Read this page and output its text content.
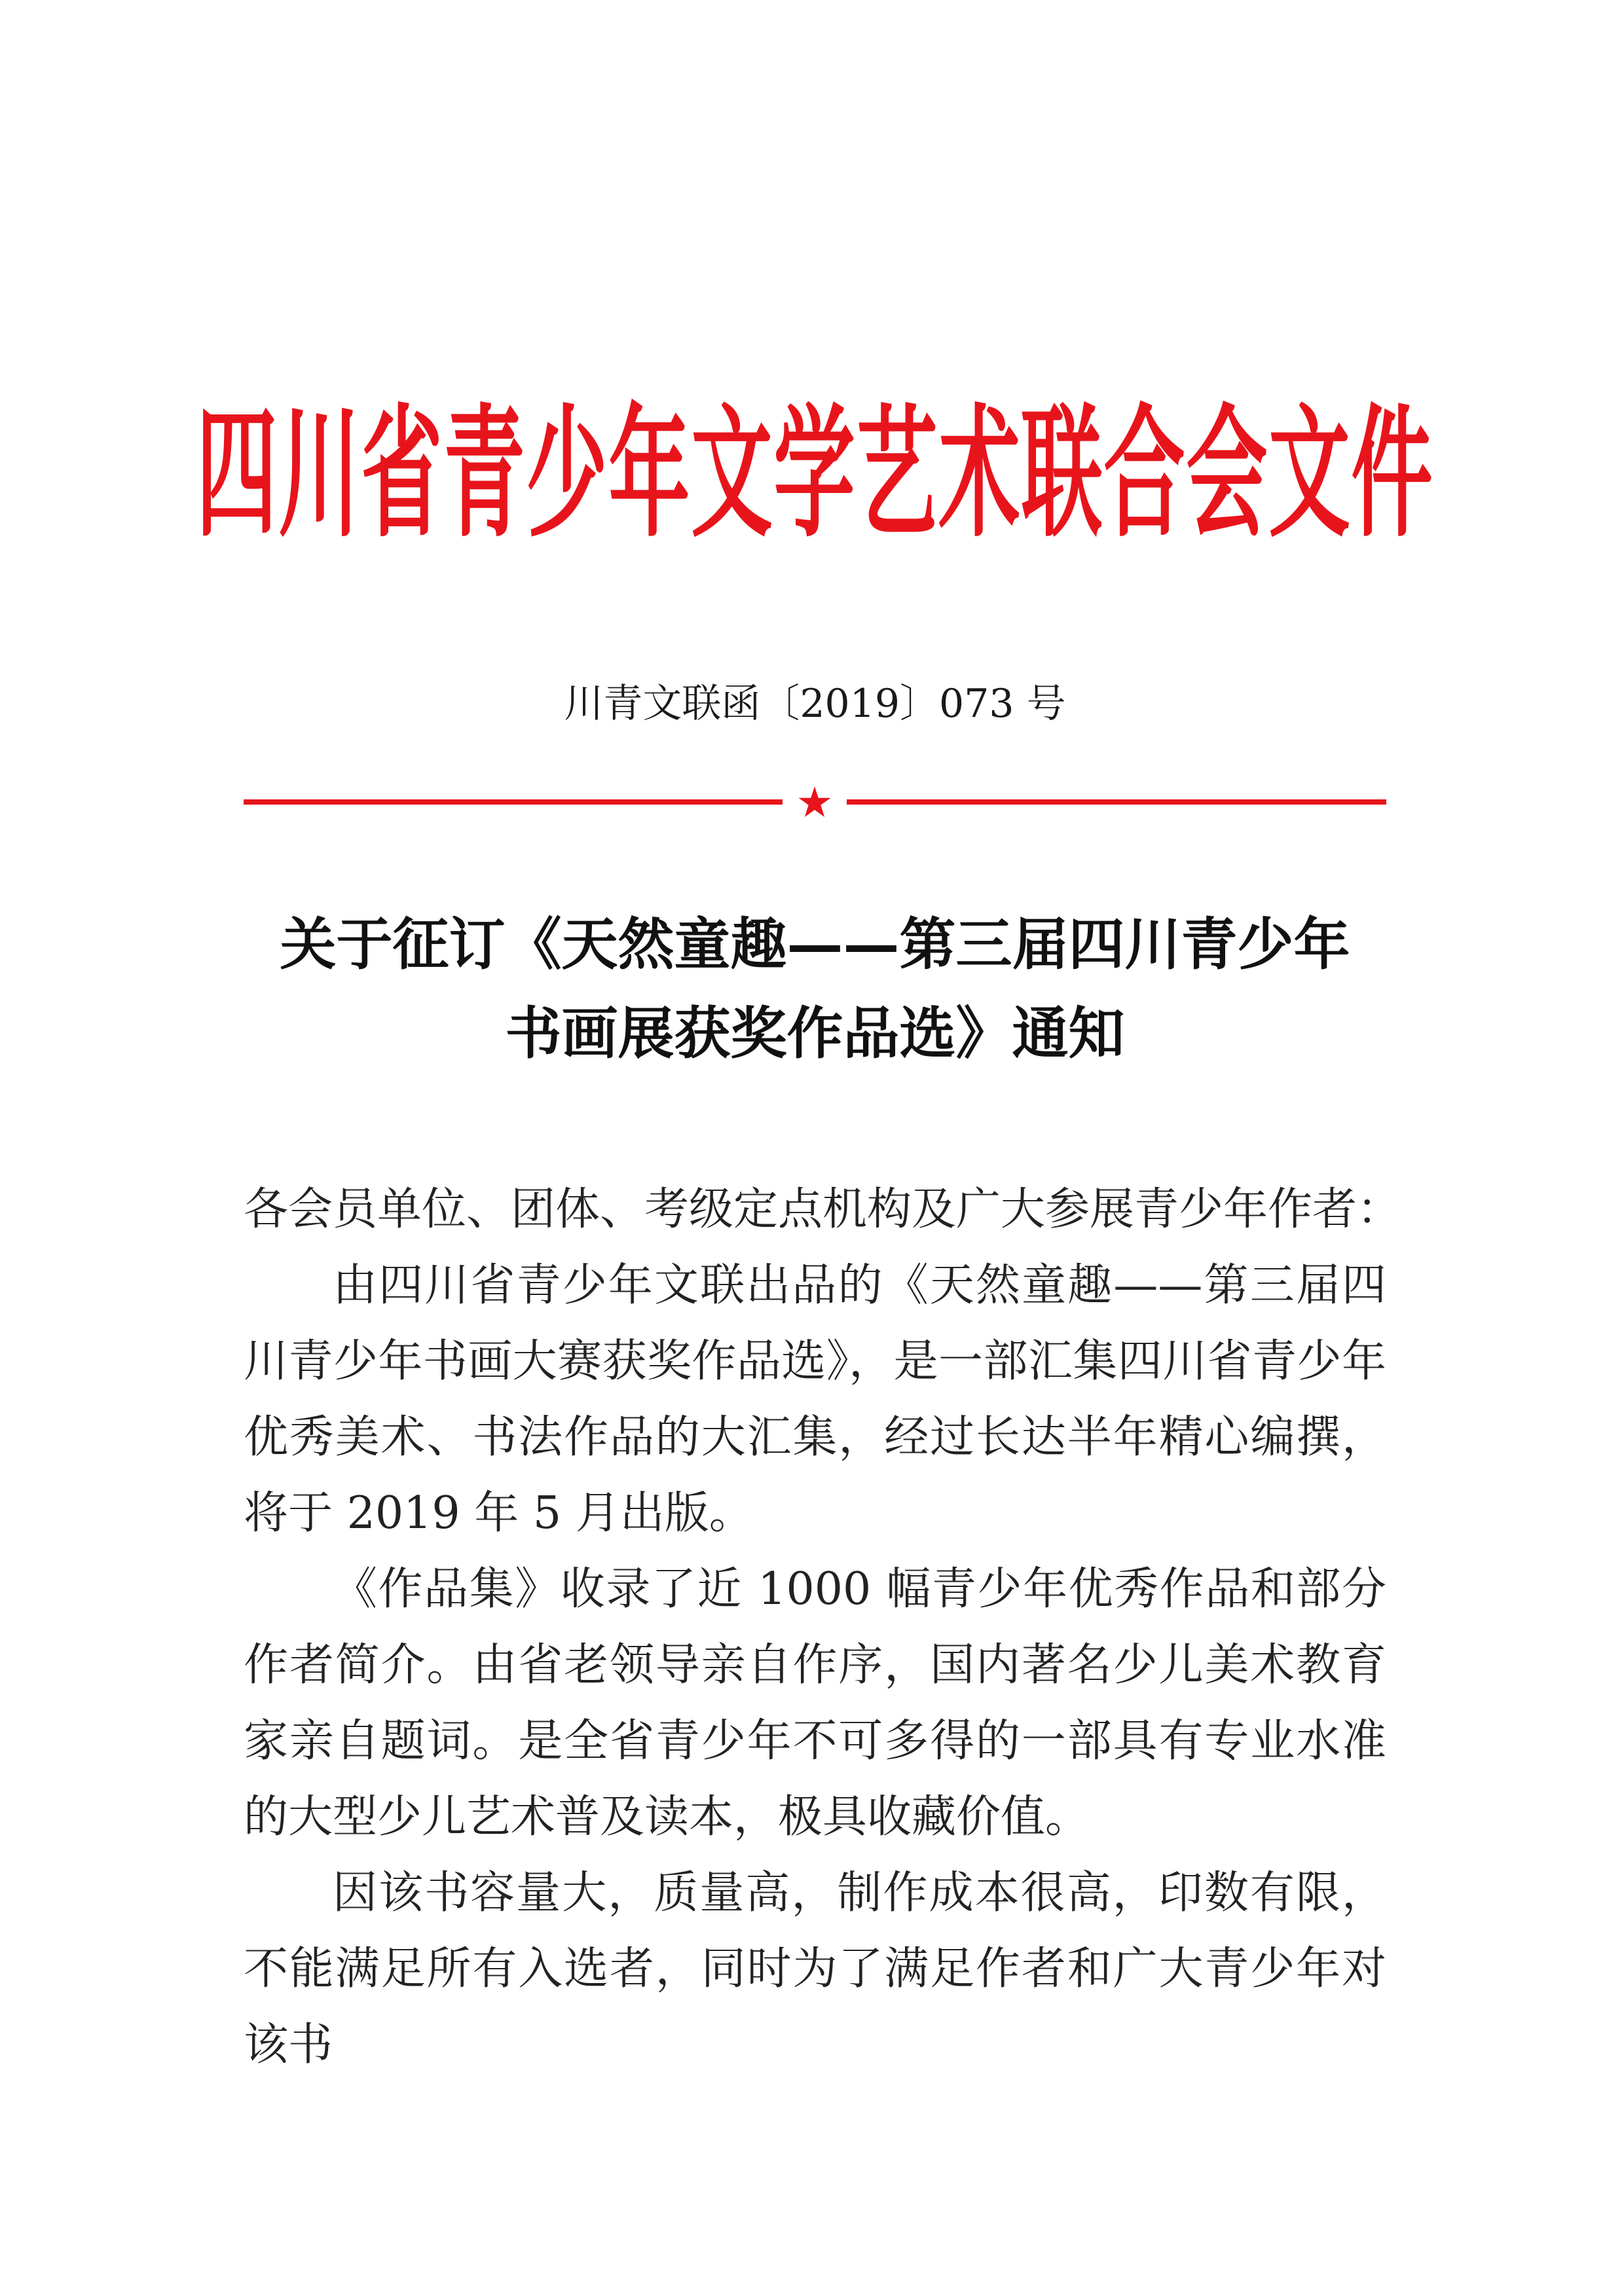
四川省青少年文学艺术联合会文件
川青文联函〔2019〕073 号
关于征订《天然童趣——第三届四川青少年
书画展获奖作品选》通知

各会员单位、团体、考级定点机构及广大参展青少年作者：

由四川省青少年文联出品的《天然童趣——第三届四川青少年书画大赛获奖作品选》，是一部汇集四川省青少年优秀美术、书法作品的大汇集，经过长达半年精心编撰，将于 2019 年 5 月出版。

《作品集》收录了近 1000 幅青少年优秀作品和部分作者简介。由省老领导亲自作序，国内著名少儿美术教育家亲自题词。是全省青少年不可多得的一部具有专业水准的大型少儿艺术普及读本，极具收藏价值。

因该书容量大，质量高，制作成本很高，印数有限，不能满足所有入选者，同时为了满足作者和广大青少年对该书
